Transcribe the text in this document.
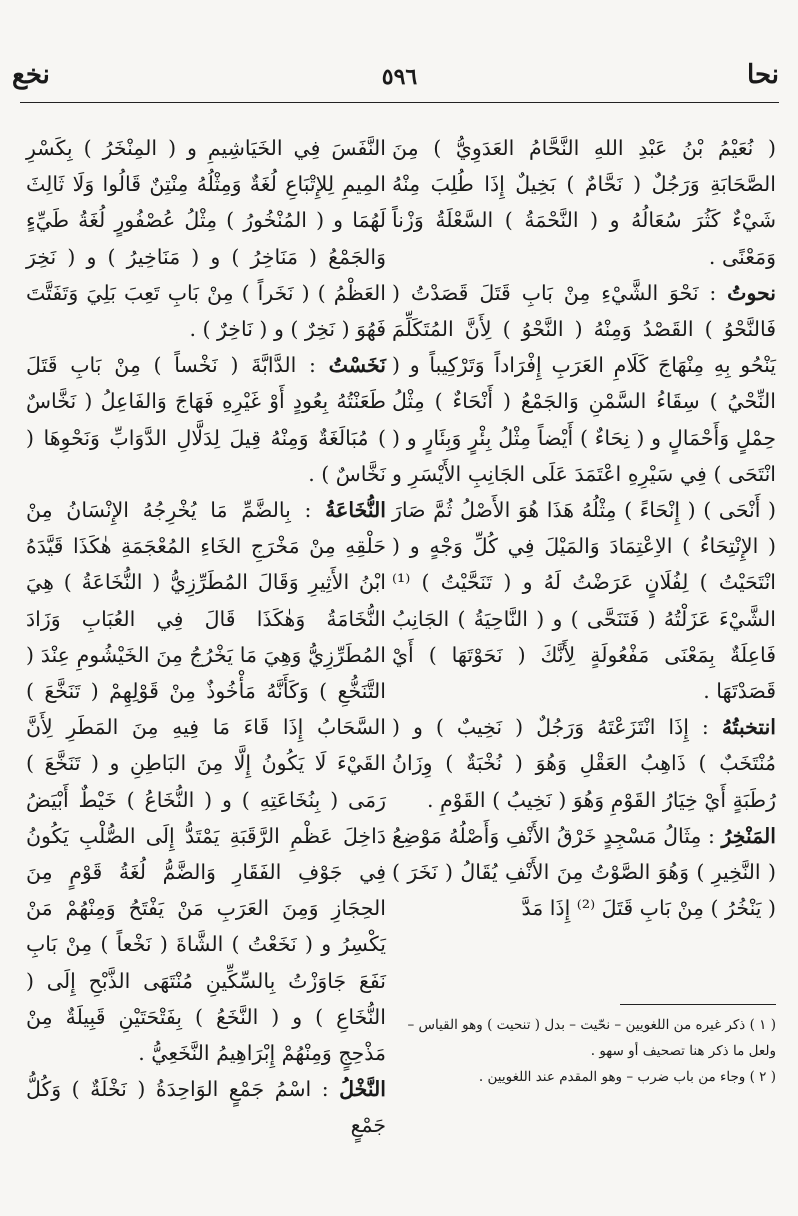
نخع	٥٩٦	نحا

( نُعَيْمُ بْنُ عَبْدِ اللهِ النَّحَّامُ العَدَوِيُّ ) مِنَ الصَّحَابَةِ وَرَجُلٌ ( نَحَّامٌ ) بَخِيلٌ إِذَا طُلِبَ مِنْهُ شَيْءٌ كَثُرَ سُعَالُهُ و ( النَّحْمَةُ ) السَّعْلَةُ وَزْناً وَمَعْنًى .

نحوتُ : نَحْوَ الشَّيْءِ مِنْ بَابِ قَتَلَ قَصَدْتُ ( فَالنَّحْوُ ) القَصْدُ وَمِنْهُ ( النَّحْوُ ) لِأَنَّ المُتَكَلِّمَ يَنْحُو بِهِ مِنْهَاجَ كَلَامِ العَرَبِ إِفْرَاداً وَتَرْكِيباً و ( النِّحْيُ ) سِقَاءُ السَّمْنِ وَالجَمْعُ ( أَنْحَاءٌ ) مِثْلُ حِمْلٍ وَأَحْمَالٍ و ( نِحَاءٌ ) أَيْضاً مِثْلُ بِئْرٍ وَبِئَارٍ و ( انْتَحَى ) فِي سَيْرِهِ اعْتَمَدَ عَلَى الجَانِبِ الأَيْسَرِ و ( أَنْحَى ) ( إِنْحَاءً ) مِثْلُهُ هَذَا هُوَ الأَصْلُ ثُمَّ صَارَ ( الإِنْتِحَاءُ ) الاِعْتِمَادَ وَالمَيْلَ فِي كُلِّ وَجْهٍ و ( انْتَحَيْتُ ) لِفُلَانٍ عَرَضْتُ لَهُ و ( تَنَحَّيْتُ ) ⁽¹⁾ الشَّيْءَ عَزَلْتُهُ ( فَتَنَحَّى ) و ( النَّاحِيَةُ ) الجَانِبُ فَاعِلَةٌ بِمَعْنَى مَفْعُولَةٍ لِأَنَّكَ ( نَحَوْتَهَا ) أَيْ قَصَدْتَهَا .

انتخبتُهُ : إِذَا انْتَزَعْتَهُ وَرَجُلٌ ( نَخِيبٌ ) و ( مُنْتَخَبٌ ) ذَاهِبُ العَقْلِ وَهُوَ ( نُخْبَةٌ ) وِزَانُ رُطَبَةٍ أَيْ خِيَارُ القَوْمِ وَهُوَ ( نَخِيبُ ) القَوْمِ .

المَنْخِرُ : مِثَالُ مَسْجِدٍ خَرْقُ الأَنْفِ وَأَصْلُهُ مَوْضِعُ ( النَّخِيرِ ) وَهُوَ الصَّوْتُ مِنَ الأَنْفِ يُقَالُ ( نَخَرَ ) ( يَنْخُرُ ) مِنْ بَابِ قَتَلَ ⁽²⁾ إِذَا مَدَّ

النَّفَسَ فِي الخَيَاشِيمِ و ( المِنْخَرُ ) بِكَسْرِ المِيمِ لِلإِتْبَاعِ لُغَةٌ وَمِثْلُهُ مِنْتِنٌ قَالُوا وَلَا ثَالِثَ لَهُمَا و ( المُنْخُورُ ) مِثْلُ عُصْفُورٍ لُغَةُ طَيِّءٍ وَالجَمْعُ ( مَنَاخِرُ ) و ( مَنَاخِيرُ ) و ( نَخِرَ العَظْمُ ) ( نَخَراً ) مِنْ بَابِ تَعِبَ بَلِيَ وَتَفَتَّتَ فَهُوَ ( نَخِرٌ ) و ( نَاخِرٌ ) .

نَخَسْتُ : الدَّابَّةَ ( نَخْساً ) مِنْ بَابِ قَتَلَ طَعَنْتُهُ بِعُودٍ أَوْ غَيْرِهِ فَهَاجَ وَالفَاعِلُ ( نَخَّاسٌ ) مُبَالَغَةٌ وَمِنْهُ قِيلَ لِدَلَّالِ الدَّوَابِّ وَنَحْوِهَا ( نَخَّاسٌ ) .

النُّخَاعَةُ : بِالضَّمِّ مَا يُخْرِجُهُ الإِنْسَانُ مِنْ حَلْقِهِ مِنْ مَخْرَجِ الخَاءِ المُعْجَمَةِ هٰكَذَا قَيَّدَهُ ابْنُ الأَثِيرِ وَقَالَ المُطَرِّزِيُّ ( النُّخَاعَةُ ) هِيَ النُّخَامَةُ وَهٰكَذَا قَالَ فِي العُبَابِ وَزَادَ المُطَرِّزِيُّ وَهِيَ مَا يَخْرُجُ مِنَ الخَيْشُومِ عِنْدَ ( التَّنَخُّعِ ) وَكَأَنَّهُ مَأْخُوذٌ مِنْ قَوْلِهِمْ ( تَنَخَّعَ ) السَّحَابُ إِذَا قَاءَ مَا فِيهِ مِنَ المَطَرِ لِأَنَّ القَيْءَ لَا يَكُونُ إِلَّا مِنَ البَاطِنِ و ( تَنَخَّعَ ) رَمَى ( بِنُخَاعَتِهِ ) و ( النُّخَاعُ ) خَيْطٌ أَبْيَضُ دَاخِلَ عَظْمِ الرَّقَبَةِ يَمْتَدُّ إِلَى الصُّلْبِ يَكُونُ فِي جَوْفِ الفَقَارِ وَالضَّمُّ لُغَةُ قَوْمٍ مِنَ الحِجَازِ وَمِنَ العَرَبِ مَنْ يَفْتَحُ وَمِنْهُمْ مَنْ يَكْسِرُ و ( نَخَعْتُ ) الشَّاةَ ( نَخْعاً ) مِنْ بَابِ نَفَعَ جَاوَزْتُ بِالسِّكِّينِ مُنْتَهَى الذَّبْحِ إِلَى ( النُّخَاعِ ) و ( النَّخَعُ ) بِفَتْحَتَيْنِ قَبِيلَةٌ مِنْ مَذْحِجٍ وَمِنْهُمْ إِبْرَاهِيمُ النَّخَعِيُّ .

النَّخْلُ : اسْمُ جَمْعٍ الوَاحِدَةُ ( نَخْلَةٌ ) وَكُلُّ جَمْعٍ

( ١ ) ذكر غيره من اللغويين – نحّيت – بدل ( تنحيت ) وهو القياس – ولعل ما ذكر هنا تصحيف أو سهو .
( ٢ ) وجاء من باب ضرب – وهو المقدم عند اللغويين .
